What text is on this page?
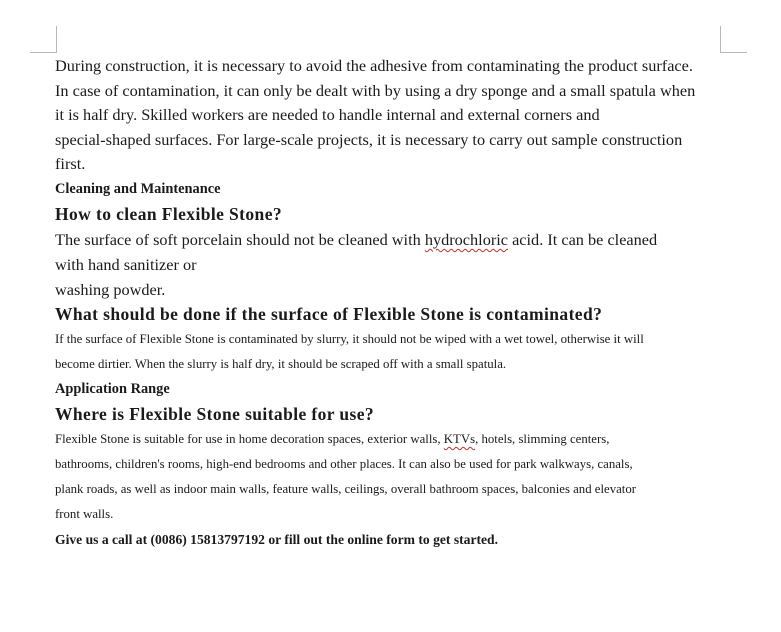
During construction, it is necessary to avoid the adhesive from contaminating the product surface.
In case of contamination, it can only be dealt with by using a dry sponge and a small spatula when
it is half dry. Skilled workers are needed to handle internal and external corners and
special-shaped surfaces. For large-scale projects, it is necessary to carry out sample construction
first.

Cleaning and Maintenance
How to clean Flexible Stone?

The surface of soft porcelain should not be cleaned with hydrochloric acid. It can be cleaned
with hand sanitizer or
washing powder.

What should be done if the surface of Flexible Stone is contaminated?

If the surface of Flexible Stone is contaminated by slurry, it should not be wiped with a wet towel, otherwise it will
become dirtier. When the slurry is half dry, it should be scraped off with a small spatula.

Application Range
Where is Flexible Stone suitable for use?

Flexible Stone is suitable for use in home decoration spaces, exterior walls, KTVs, hotels, slimming centers,
bathrooms, children's rooms, high-end bedrooms and other places. It can also be used for park walkways, canals,
plank roads, as well as indoor main walls, feature walls, ceilings, overall bathroom spaces, balconies and elevator
front walls.

Give us a call at (0086) 15813797192 or fill out the online form to get started.
